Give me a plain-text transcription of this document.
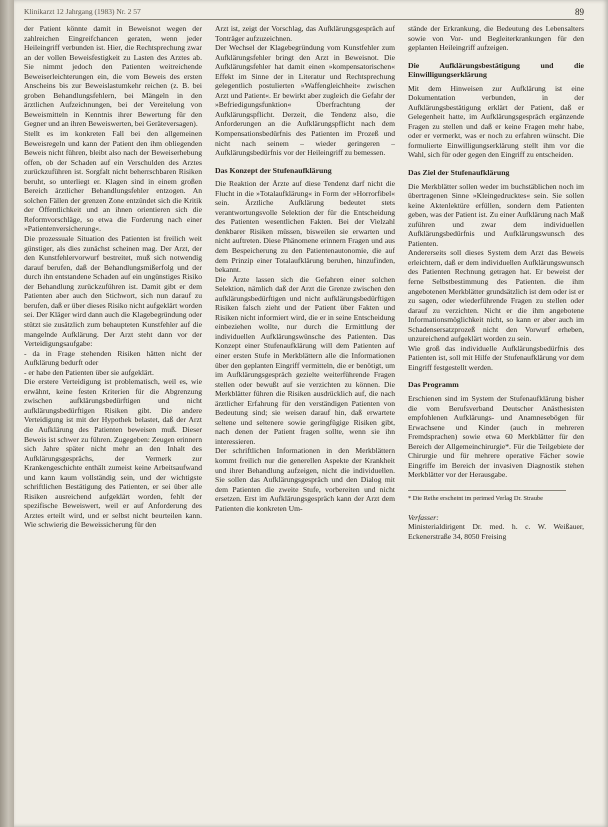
Klinikarzt 12 Jahrgang (1983) Nr. 2 57	89

der Patient könnte damit in Beweisnot wegen der zahlreichen Eingreifchancen geraten, wenn jeder Heileingriff verbunden ist. Hier, die Rechtsprechung zwar an der vollen Beweisfestigkeit zu Lasten des Arztes ab. Sie nimmt jedoch den Patienten weitreichende Beweiserleichterungen ein, die vom Beweis des ersten Anscheins bis zur Beweislastumkehr reichen (z. B. bei groben Behandlungsfehlern, bei Mängeln in den ärztlichen Aufzeichnungen, bei der Vereitelung von Beweismitteln in Kenntnis ihrer Bewertung für den Gegner und an ihren Beweiswerten, bei Geräteversagen).

Stellt es im konkreten Fall bei den allgemeinen Beweisregeln und kann der Patient den ihm obliegenden Beweis nicht führen, bleibt also nach der Beweiserhebung offen, ob der Schaden auf ein Verschulden des Arztes zurückzuführen ist. Sorgfalt nicht beherrschbaren Risiken beruht, so unterliegt er. Klagen sind in einem großen Bereich ärztlicher Behandlungsfehler entzogen. An solchen Fällen der grenzen Zone entzündet sich die Kritik der Öffentlichkeit und an ihnen orientieren sich die Reformvorschläge, so etwa die Forderung nach einer »Patientenversicherung«.

Die prozessuale Situation des Patienten ist freilich weit günstiger, als dies zunächst scheinen mag. Der Arzt, der den Kunstfehlervorwurf bestreitet, muß sich notwendig darauf berufen, daß der Behandlungsmißerfolg und der durch ihn entstandene Schaden auf ein ungünstiges Risiko der Behandlung zurückzuführen ist. Damit gibt er dem Patienten aber auch den Stichwort, sich nun darauf zu berufen, daß er über dieses Risiko nicht aufgeklärt worden sei. Der Kläger wird dann auch die Klagebegründung oder stützt sie zusätzlich zum behaupteten Kunstfehler auf die mangelnde Aufklärung. Der Arzt steht dann vor der Verteidigungsaufgabe:

- da in Frage stehenden Risiken hätten nicht der Aufklärung bedurft oder

- er habe den Patienten über sie aufgeklärt.

Die erstere Verteidigung ist problematisch, weil es, wie erwähnt, keine festen Kriterien für die Abgrenzung zwischen aufklärungsbedürftigen und nicht aufklärungsbedürftigen Risiken gibt. Die andere Verteidigung ist mit der Hypothek belastet, daß der Arzt die Aufklärung des Patienten beweisen muß. Dieser Beweis ist schwer zu führen. Zugegeben: Zeugen erinnern sich Jahre später nicht mehr an den Inhalt des Aufklärungsgesprächs, der Vermerk zur Krankengeschichte enthält zumeist keine Arbeitsaufwand und kann kaum vollständig sein, und der wichtigste schriftlichen Bestätigung des Patienten, er sei über alle Risiken ausreichend aufgeklärt worden, fehlt der spezifische Beweiswert, weil er auf Anforderung des Arztes erteilt wird, und er selbst nicht beurteilen kann. Wie schwierig die Beweissicherung für den

Arzt ist, zeigt der Vorschlag, das Aufklärungsgespräch auf Tonträger aufzuzeichnen.

Der Wechsel der Klagebegründung vom Kunstfehler zum Aufklärungsfehler bringt den Arzt in Beweisnot. Die Aufklärungsfehler hat damit einen »kompensatorischen« Effekt im Sinne der in Literatur und Rechtsprechung gelegentlich postulierten »Waffengleichheit« zwischen Arzt und Patient«. Er bewirkt aber zugleich die Gefahr der »Befriedigungsfunktion« Überfrachtung der Aufklärungspflicht. Derzeit, die Tendenz also, die Anforderungen an die Aufklärungspflicht nach dem Kompensationsbedürfnis des Patienten im Prozeß und nicht nach seinem – wieder geringeren – Aufklärungsbedürfnis vor der Heileingriff zu bemessen.

Das Konzept der Stufenaufklärung

Die Reaktion der Ärzte auf diese Tendenz darf nicht die Flucht in die »Totalaufklärung« in Form der »Horrorfibel« sein. Ärztliche Aufklärung bedeutet stets verantwortungsvolle Selektion der für die Entscheidung des Patienten wesentlichen Fakten. Bei der Vielzahl denkbarer Risiken müssen, bisweilen sie erwarten und nicht auftreten. Diese Phänomene erinnern Fragen und aus dem Bespeicherung zu den Patientenautonomie, die auf dem Prinzip einer Totalaufklärung beruhen, hinzufinden, bekannt.

Die Ärzte lassen sich die Gefahren einer solchen Selektion, nämlich daß der Arzt die Grenze zwischen den aufklärungsbedürftigen und nicht aufklärungsbedürftigen Risiken falsch zieht und der Patient über Fakten und Risiken nicht informiert wird, die er in seine Entscheidung einbeziehen wollte, nur durch die Ermittlung der individuellen Aufklärungswünsche des Patienten. Das Konzept einer Stufenaufklärung will dem Patienten auf einer ersten Stufe in Merkblättern alle die Informationen über den geplanten Eingriff vermitteln, die er benötigt, um im Aufklärungsgespräch gezielte weiterführende Fragen stellen oder bewußt auf sie verzichten zu können. Die Merkblätter führen die Risiken ausdrücklich auf, die nach ärztlicher Erfahrung für den verständigen Patienten von Bedeutung sind; sie weisen darauf hin, daß erwartete seltene und seltenere sowie geringfügige Risiken gibt, nach denen der Patient fragen sollte, wenn sie ihn interessieren.

Der schriftlichen Informationen in den Merkblättern kommt freilich nur die generellen Aspekte der Krankheit und ihrer Behandlung aufzeigen, nicht die individuellen. Sie sollen das Aufklärungsgespräch und den Dialog mit dem Patienten die zweite Stufe, vorbereiten und nicht ersetzen. Erst im Aufklärungsgespräch kann der Arzt dem Patienten die konkreten Um-

stände der Erkrankung, die Bedeutung des Lebensalters sowie von Vor- und Begleiterkrankungen für den geplanten Heileingriff aufzeigen.

Die Aufklärungsbestätigung und die Einwilligungserklärung

Mit dem Hinweisen zur Aufklärung ist eine Dokumentation verbunden, in der Aufklärungsbestätigung erklärt der Patient, daß er Gelegenheit hatte, im Aufklärungsgespräch ergänzende Fragen zu stellen und daß er keine Fragen mehr habe, oder er vermerkt, was er noch zu erfahren wünscht. Die formulierte Einwilligungserklärung stellt ihm vor die Wahl, sich für oder gegen den Eingriff zu entscheiden.

Das Ziel der Stufenaufklärung

Die Merkblätter sollen weder im buchstäblichen noch im übertragenen Sinne »Kleingedrucktes« sein. Sie sollen keine Aktenlektüre erfüllen, sondern dem Patienten geben, was der Patient ist. Zu einer Aufklärung nach Maß zuführen und zwar dem individuellen Aufklärungsbedürfnis und Aufklärungswunsch des Patienten.

Andererseits soll dieses System dem Arzt das Beweis erleichtern, daß er dem individuellen Aufklärungswunsch des Patienten Rechnung getragen hat. Er beweist der ferne Selbstbestimmung des Patienten. die ihm angebotenen Merkblätter grundsätzlich ist dem oder ist er zu sagen, oder wiederführende Fragen zu stellen oder darauf zu verzichten. Nicht er die ihm angebotene Informationsmöglichkeit nicht, so kann er aber auch im Schadensersatzprozeß nicht den Vorwurf erheben, unzureichend aufgeklärt worden zu sein.

Wie groß das individuelle Aufklärungsbedürfnis des Patienten ist, soll mit Hilfe der Stufenaufklärung vor dem Eingriff festgestellt werden.

Das Programm

Erschienen sind im System der Stufenaufklärung bisher die vom Berufsverband Deutscher Anästhesisten empfohlenen Aufklärungs- und Anamnesebögen für Erwachsene und Kinder (auch in mehreren Fremdsprachen) sowie etwa 60 Merkblätter für den Bereich der Allgemeinchirurgie*. Für die Teilgebiete der Chirurgie und für mehrere operative Fächer sowie Eingriffe im Bereich der invasiven Diagnostik stehen Merkblätter vor der Herausgabe.

* Die Reihe erscheint im perimed Verlag Dr. Straube
Verfasser:
Ministerialdirigent Dr. med. h. c. W. Weißauer, Eckenerstraße 34, 8050 Freising
